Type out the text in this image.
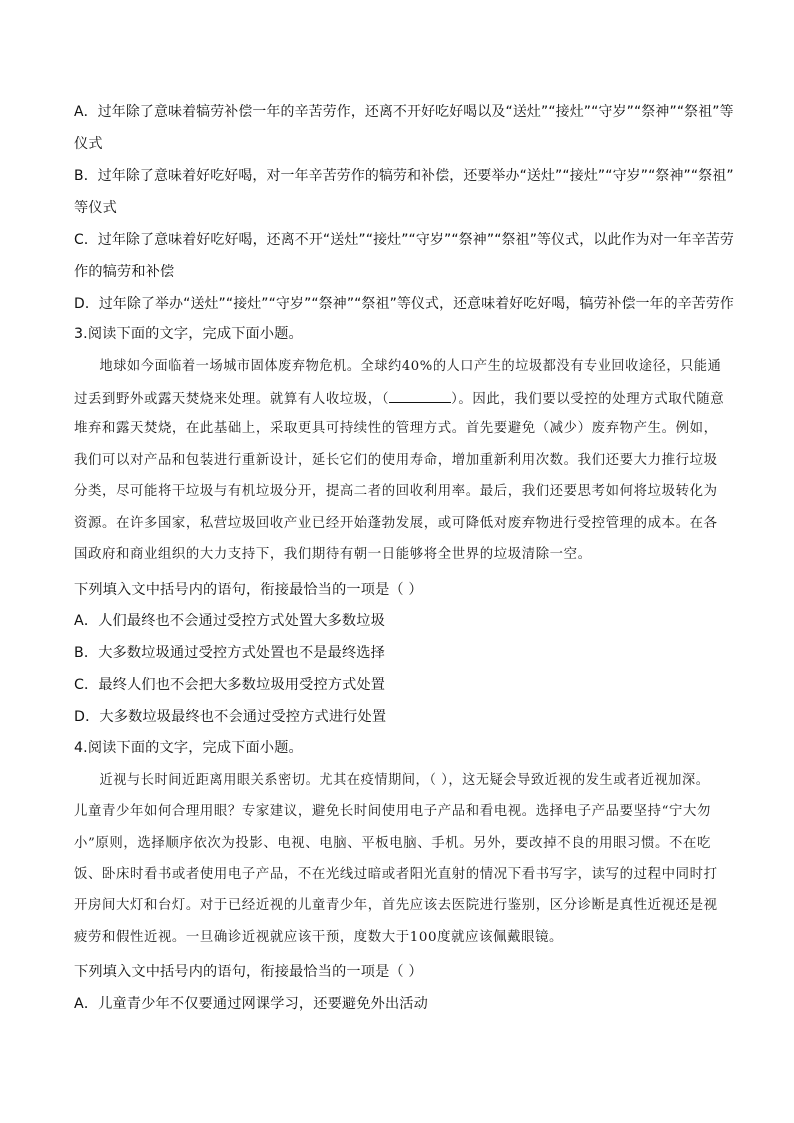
A．过年除了意味着犒劳补偿一年的辛苦劳作，还离不开好吃好喝以及“送灶”“接灶”“守岁”“祭神”“祭祖”等
仪式
B．过年除了意味着好吃好喝，对一年辛苦劳作的犒劳和补偿，还要举办“送灶”“接灶”“守岁”“祭神”“祭祖”
等仪式
C．过年除了意味着好吃好喝，还离不开“送灶”“接灶”“守岁”“祭神”“祭祖”等仪式，以此作为对一年辛苦劳
作的犒劳和补偿
D．过年除了举办“送灶”“接灶”“守岁”“祭神”“祭祖”等仪式，还意味着好吃好喝，犒劳补偿一年的辛苦劳作
3.阅读下面的文字，完成下面小题。
地球如今面临着一场城市固体废弃物危机。全球约40%的人口产生的垃圾都没有专业回收途径，只能通
过丢到野外或露天焚烧来处理。就算有人收垃圾，（	）。因此，我们要以受控的处理方式取代随意
堆弃和露天焚烧，在此基础上，采取更具可持续性的管理方式。首先要避免（减少）废弃物产生。例如，
我们可以对产品和包装进行重新设计，延长它们的使用寿命，增加重新利用次数。我们还要大力推行垃圾
分类，尽可能将干垃圾与有机垃圾分开，提高二者的回收利用率。最后，我们还要思考如何将垃圾转化为
资源。在许多国家，私营垃圾回收产业已经开始蓬勃发展，或可降低对废弃物进行受控管理的成本。在各
国政府和商业组织的大力支持下，我们期待有朝一日能够将全世界的垃圾清除一空。
下列填入文中括号内的语句，衔接最恰当的一项是（ ）
A．人们最终也不会通过受控方式处置大多数垃圾
B．大多数垃圾通过受控方式处置也不是最终选择
C．最终人们也不会把大多数垃圾用受控方式处置
D．大多数垃圾最终也不会通过受控方式进行处置
4.阅读下面的文字，完成下面小题。
近视与长时间近距离用眼关系密切。尤其在疫情期间，（ ），这无疑会导致近视的发生或者近视加深。
儿童青少年如何合理用眼？专家建议，避免长时间使用电子产品和看电视。选择电子产品要坚持“宁大勿
小”原则，选择顺序依次为投影、电视、电脑、平板电脑、手机。另外，要改掉不良的用眼习惯。不在吃
饭、卧床时看书或者使用电子产品，不在光线过暗或者阳光直射的情况下看书写字，读写的过程中同时打
开房间大灯和台灯。对于已经近视的儿童青少年，首先应该去医院进行鉴别，区分诊断是真性近视还是视
疲劳和假性近视。一旦确诊近视就应该干预，度数大于100度就应该佩戴眼镜。
下列填入文中括号内的语句，衔接最恰当的一项是（ ）
A．儿童青少年不仅要通过网课学习，还要避免外出活动
